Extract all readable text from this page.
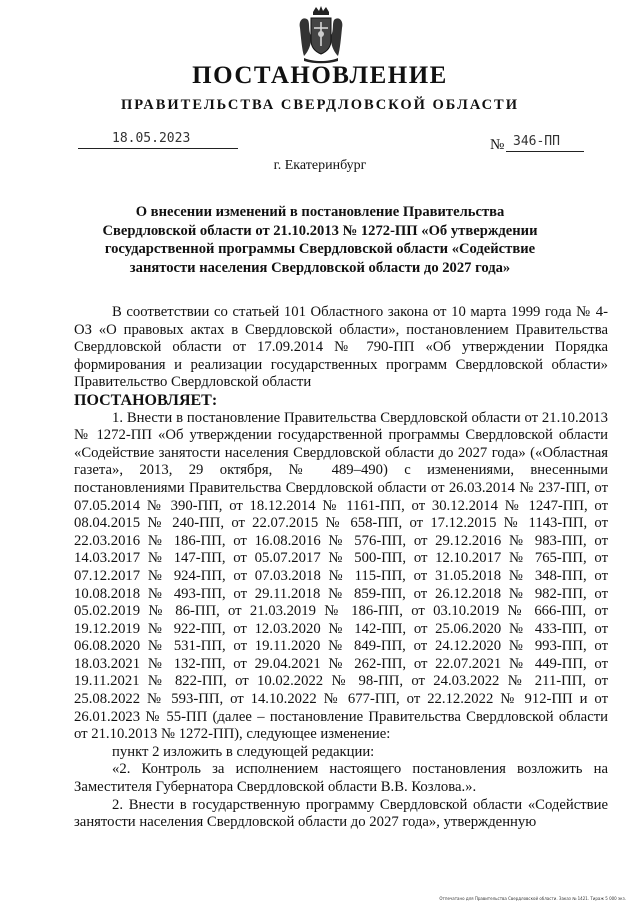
ПОСТАНОВЛЕНИЕ
ПРАВИТЕЛЬСТВА СВЕРДЛОВСКОЙ ОБЛАСТИ
18.05.2023	№ 346-ПП
г. Екатеринбург
О внесении изменений в постановление Правительства Свердловской области от 21.10.2013 № 1272-ПП «Об утверждении государственной программы Свердловской области «Содействие занятости населения Свердловской области до 2027 года»

В соответствии со статьей 101 Областного закона от 10 марта 1999 года № 4-ОЗ «О правовых актах в Свердловской области», постановлением Правительства Свердловской области от 17.09.2014 № 790-ПП «Об утверждении Порядка формирования и реализации государственных программ Свердловской области» Правительство Свердловской области

ПОСТАНОВЛЯЕТ:

1. Внести в постановление Правительства Свердловской области от 21.10.2013 № 1272-ПП «Об утверждении государственной программы Свердловской области «Содействие занятости населения Свердловской области до 2027 года» («Областная газета», 2013, 29 октября, № 489–490) с изменениями, внесенными постановлениями Правительства Свердловской области от 26.03.2014 № 237-ПП, от 07.05.2014 № 390-ПП, от 18.12.2014 № 1161-ПП, от 30.12.2014 № 1247-ПП, от 08.04.2015 № 240-ПП, от 22.07.2015 № 658-ПП, от 17.12.2015 № 1143-ПП, от 22.03.2016 № 186-ПП, от 16.08.2016 № 576-ПП, от 29.12.2016 № 983-ПП, от 14.03.2017 № 147-ПП, от 05.07.2017 № 500-ПП, от 12.10.2017 № 765-ПП, от 07.12.2017 № 924-ПП, от 07.03.2018 № 115-ПП, от 31.05.2018 № 348-ПП, от 10.08.2018 № 493-ПП, от 29.11.2018 № 859-ПП, от 26.12.2018 № 982-ПП, от 05.02.2019 № 86-ПП, от 21.03.2019 № 186-ПП, от 03.10.2019 № 666-ПП, от 19.12.2019 № 922-ПП, от 12.03.2020 № 142-ПП, от 25.06.2020 № 433-ПП, от 06.08.2020 № 531-ПП, от 19.11.2020 № 849-ПП, от 24.12.2020 № 993-ПП, от 18.03.2021 № 132-ПП, от 29.04.2021 № 262-ПП, от 22.07.2021 № 449-ПП, от 19.11.2021 № 822-ПП, от 10.02.2022 № 98-ПП, от 24.03.2022 № 211-ПП, от 25.08.2022 № 593-ПП, от 14.10.2022 № 677-ПП, от 22.12.2022 № 912-ПП и от 26.01.2023 № 55-ПП (далее – постановление Правительства Свердловской области от 21.10.2013 № 1272-ПП), следующее изменение:

пункт 2 изложить в следующей редакции:

«2. Контроль за исполнением настоящего постановления возложить на Заместителя Губернатора Свердловской области В.В. Козлова.».

2. Внести в государственную программу Свердловской области «Содействие занятости населения Свердловской области до 2027 года», утвержденную

Отпечатано для Правительства Свердловской области. Заказ № 1421. Тираж 5 000 экз.
